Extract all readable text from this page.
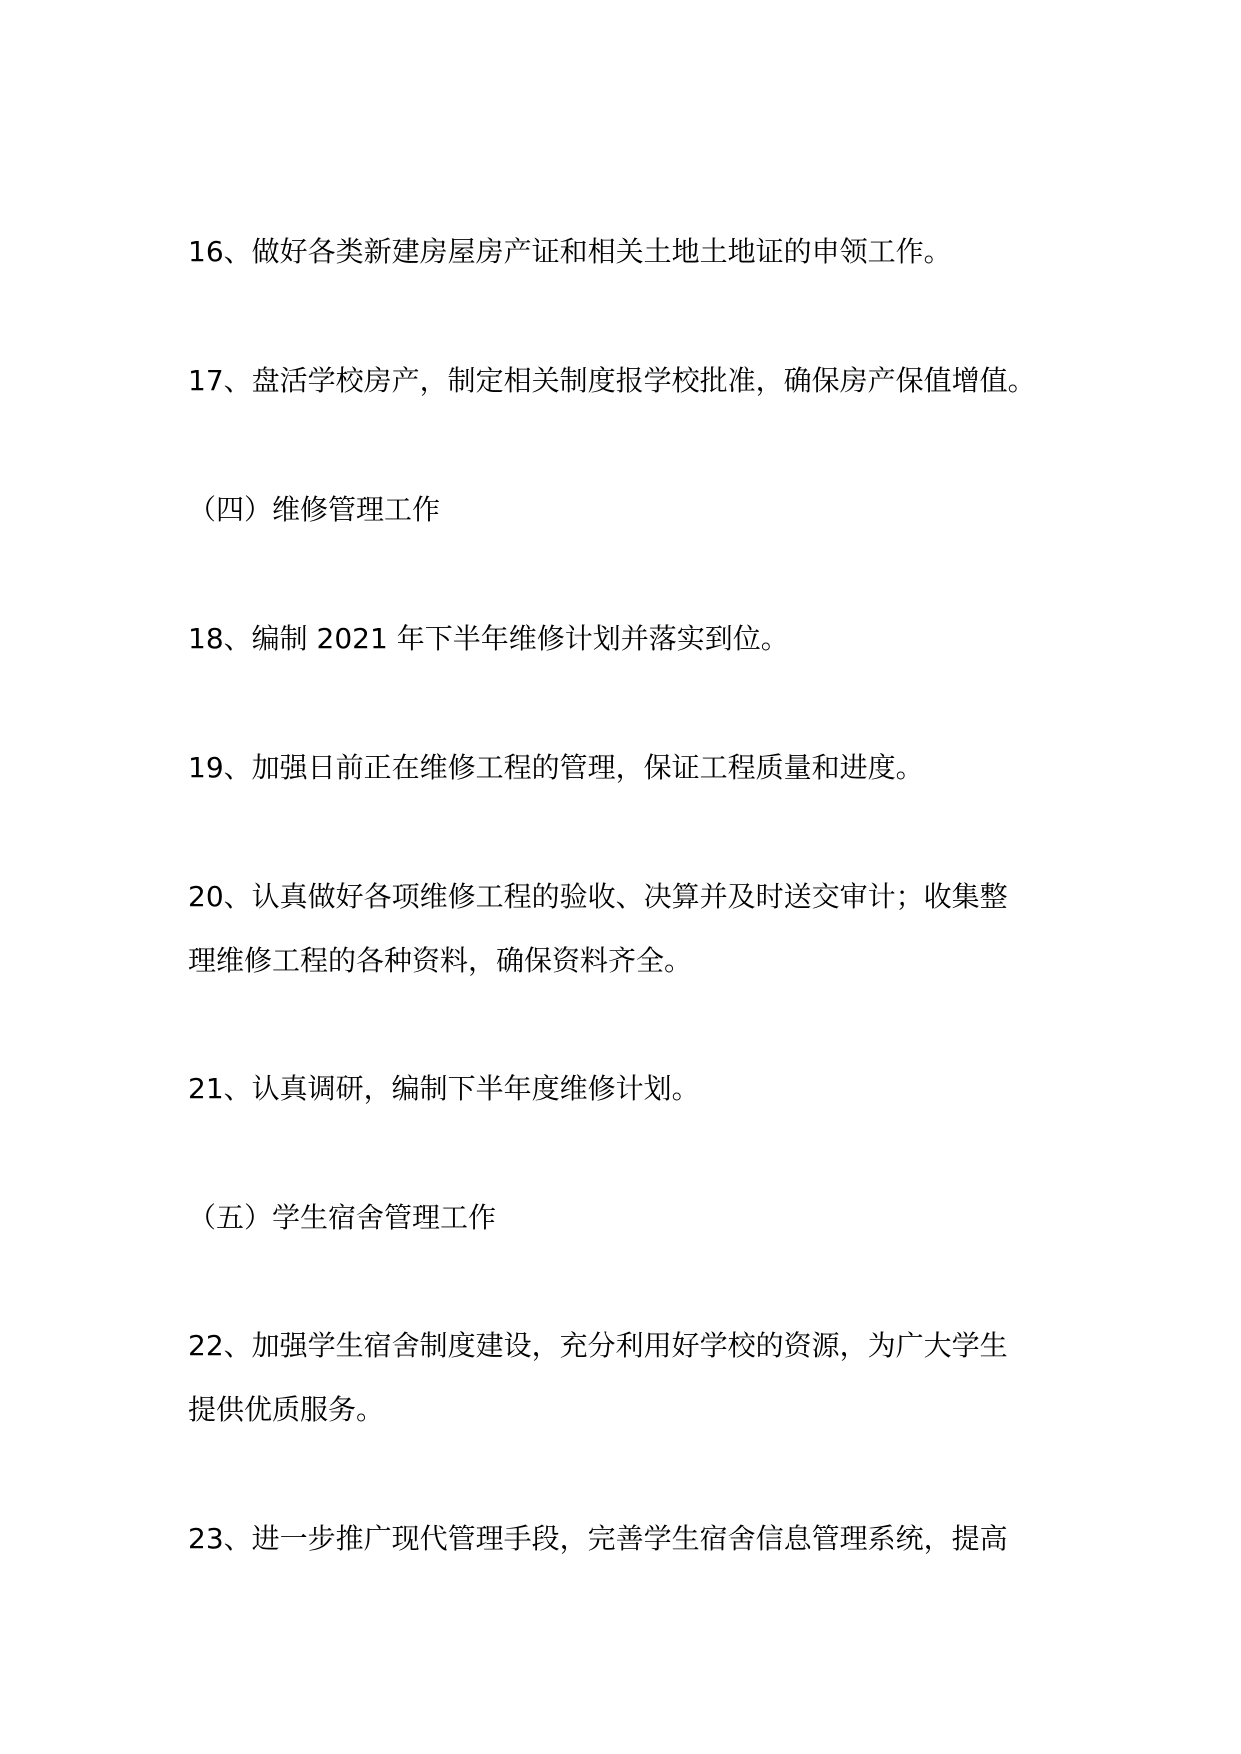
16、做好各类新建房屋房产证和相关土地土地证的申领工作。
17、盘活学校房产，制定相关制度报学校批准，确保房产保值增值。
（四）维修管理工作
18、编制 2021 年下半年维修计划并落实到位。
19、加强日前正在维修工程的管理，保证工程质量和进度。
20、认真做好各项维修工程的验收、决算并及时送交审计；收集整
理维修工程的各种资料，确保资料齐全。
21、认真调研，编制下半年度维修计划。
（五）学生宿舍管理工作
22、加强学生宿舍制度建设，充分利用好学校的资源，为广大学生
提供优质服务。
23、进一步推广现代管理手段，完善学生宿舍信息管理系统，提高
